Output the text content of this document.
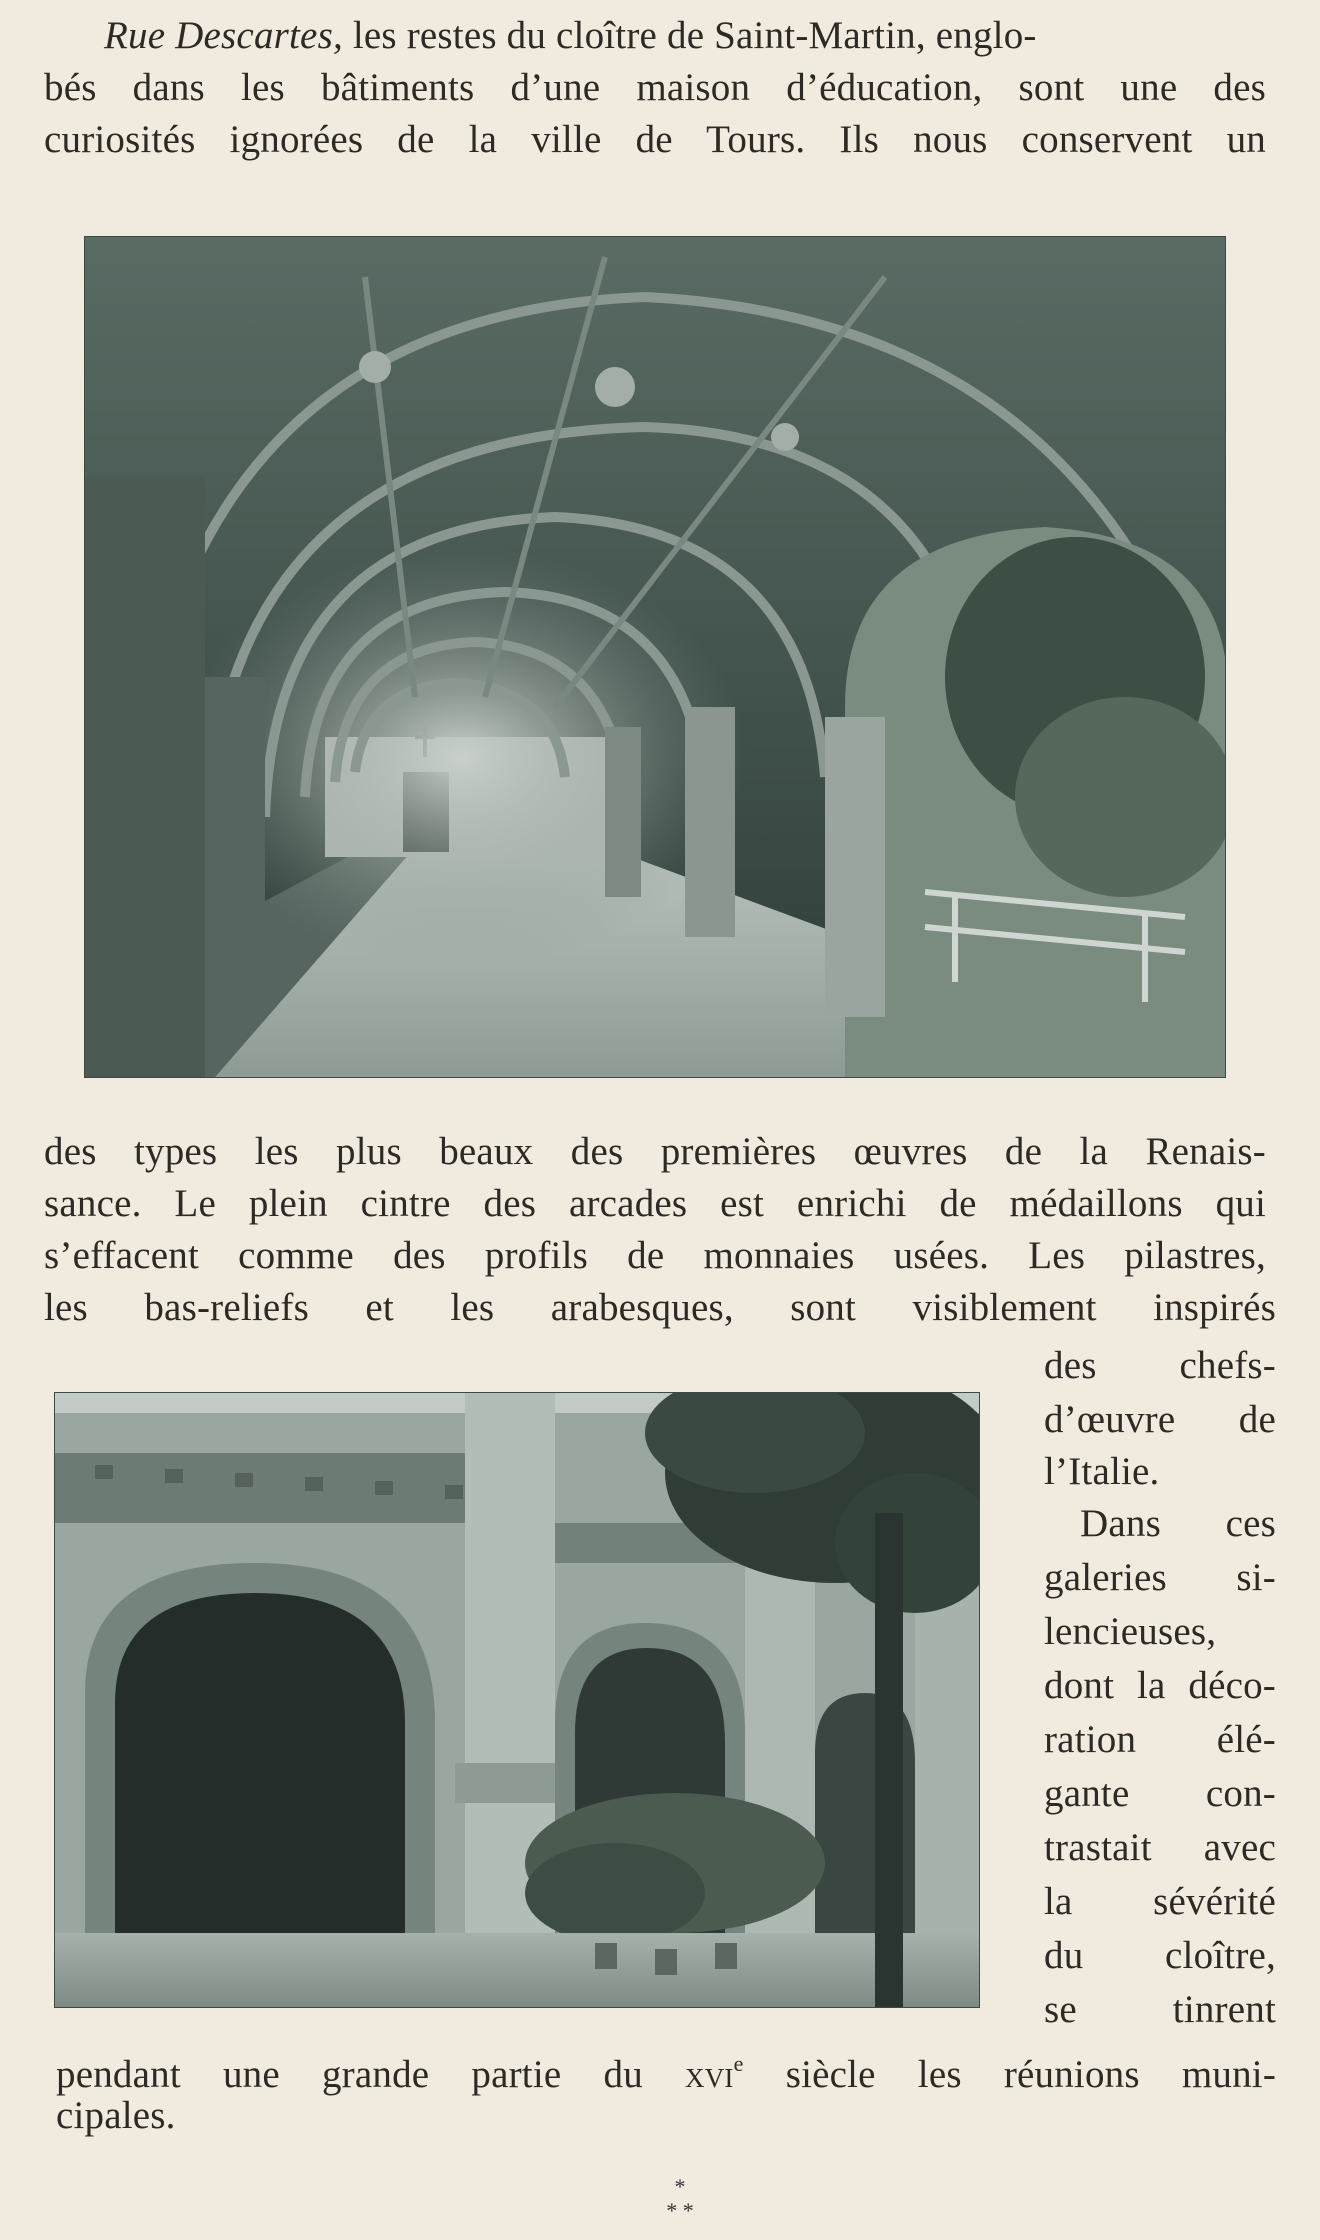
Rue Descartes, les restes du cloître de Saint-Martin, englo-
bés dans les bâtiments d’une maison d’éducation, sont une des
curiosités ignorées de la ville de Tours. Ils nous conservent un
des types les plus beaux des premières œuvres de la Renais-
sance. Le plein cintre des arcades est enrichi de médaillons qui
s’effacent comme des profils de monnaies usées. Les pilastres,
les bas-reliefs et les arabesques, sont visiblement inspirés
des chefs-
d’œuvre de
l’Italie.
Dans ces
galeries si-
lencieuses,
dont la déco-
ration élé-
gante con-
trastait avec
la sévérité
du cloître,
se tinrent
pendant une grande partie du xvi$^e$ siècle les réunions muni-
cipales.
*
* *
